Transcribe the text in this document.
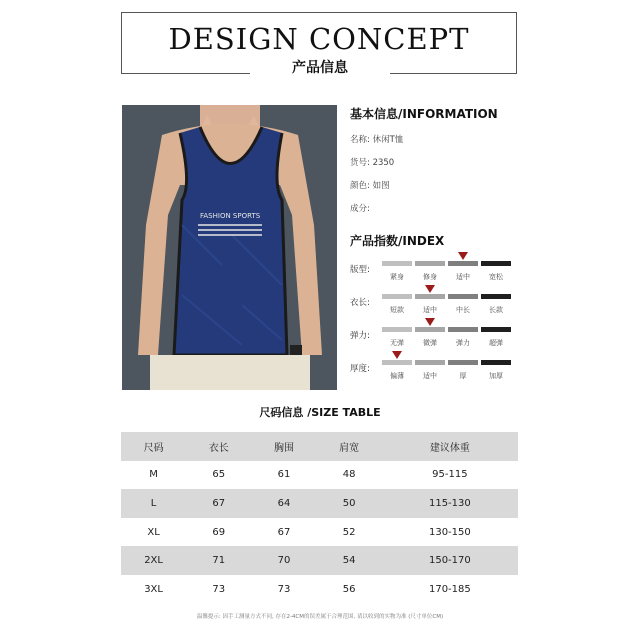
DESIGN CONCEPT
产品信息
FASHION SPORTS
基本信息/INFORMATION
名称: 休闲T恤
货号: 2350
颜色: 如图
成分:
产品指数/INDEX
版型:
紧身	修身	适中	宽松
衣长:
短款	适中	中长	长款
弹力:
无弹	微弹	弹力	超弹
厚度:
偏薄	适中	厚	加厚
尺码信息 /SIZE TABLE
尺码	衣长	胸围	肩宽	建议体重
M	65	61	48	95-115
L	67	64	50	115-130
XL	69	67	52	130-150
2XL	71	70	54	150-170
3XL	73	73	56	170-185
温馨提示: 因手工测量方式不同, 存在2-4CM的误差属于合理范围, 请以收到的实物为准 (尺寸单位CM)
